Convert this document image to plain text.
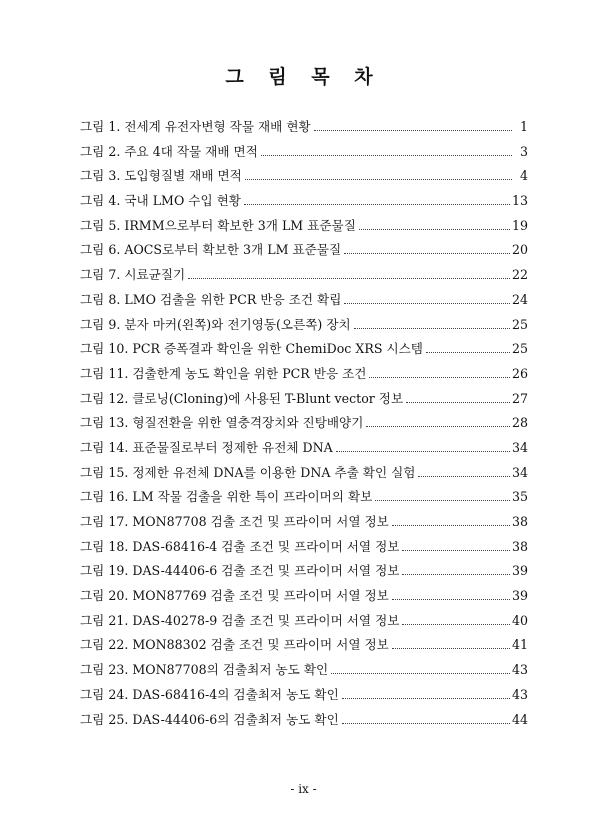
그 림 목 차
그림 1. 전세계 유전자변형 작물 재배 현황	1
그림 2. 주요 4대 작물 재배 면적	3
그림 3. 도입형질별 재배 면적	4
그림 4. 국내 LMO 수입 현황	13
그림 5. IRMM으로부터 확보한 3개 LM 표준물질	19
그림 6. AOCS로부터 확보한 3개 LM 표준물질	20
그림 7. 시료균질기	22
그림 8. LMO 검출을 위한 PCR 반응 조건 확립	24
그림 9. 분자 마커(왼쪽)와 전기영동(오른쪽) 장치	25
그림 10. PCR 증폭결과 확인을 위한 ChemiDoc XRS 시스템	25
그림 11. 검출한계 농도 확인을 위한 PCR 반응 조건	26
그림 12. 클로닝(Cloning)에 사용된 T-Blunt vector 정보	27
그림 13. 형질전환을 위한 열충격장치와 진탕배양기	28
그림 14. 표준물질로부터 정제한 유전체 DNA	34
그림 15. 정제한 유전체 DNA를 이용한 DNA 추출 확인 실험	34
그림 16. LM 작물 검출을 위한 특이 프라이머의 확보	35
그림 17. MON87708 검출 조건 및 프라이머 서열 정보	38
그림 18. DAS-68416-4 검출 조건 및 프라이머 서열 정보	38
그림 19. DAS-44406-6 검출 조건 및 프라이머 서열 정보	39
그림 20. MON87769 검출 조건 및 프라이머 서열 정보	39
그림 21. DAS-40278-9 검출 조건 및 프라이머 서열 정보	40
그림 22. MON88302 검출 조건 및 프라이머 서열 정보	41
그림 23. MON87708의 검출최저 농도 확인	43
그림 24. DAS-68416-4의 검출최저 농도 확인	43
그림 25. DAS-44406-6의 검출최저 농도 확인	44
- ix -
